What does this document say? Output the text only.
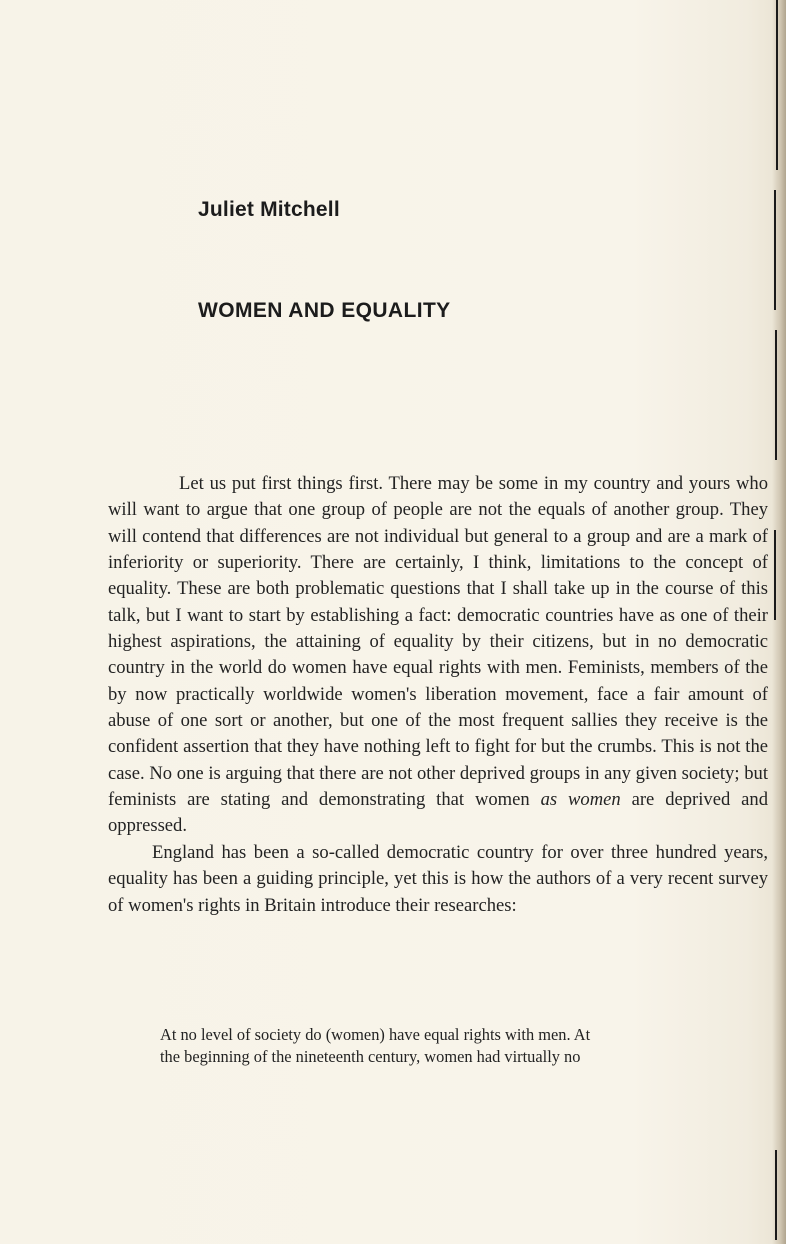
Juliet Mitchell
WOMEN AND EQUALITY

Let us put first things first. There may be some in my country and yours who will want to argue that one group of people are not the equals of another group. They will contend that differences are not individual but general to a group and are a mark of inferiority or superiority. There are certainly, I think, limitations to the concept of equality. These are both problematic questions that I shall take up in the course of this talk, but I want to start by establishing a fact: democratic countries have as one of their highest aspirations, the attaining of equality by their citizens, but in no democratic country in the world do women have equal rights with men. Feminists, members of the by now practically worldwide women's liberation movement, face a fair amount of abuse of one sort or another, but one of the most frequent sallies they receive is the confident assertion that they have nothing left to fight for but the crumbs. This is not the case. No one is arguing that there are not other deprived groups in any given society; but feminists are stating and demonstrating that women as women are deprived and oppressed.

England has been a so-called democratic country for over three hundred years, equality has been a guiding principle, yet this is how the authors of a very recent survey of women's rights in Britain introduce their researches:

At no level of society do (women) have equal rights with men. At
the beginning of the nineteenth century, women had virtually no
